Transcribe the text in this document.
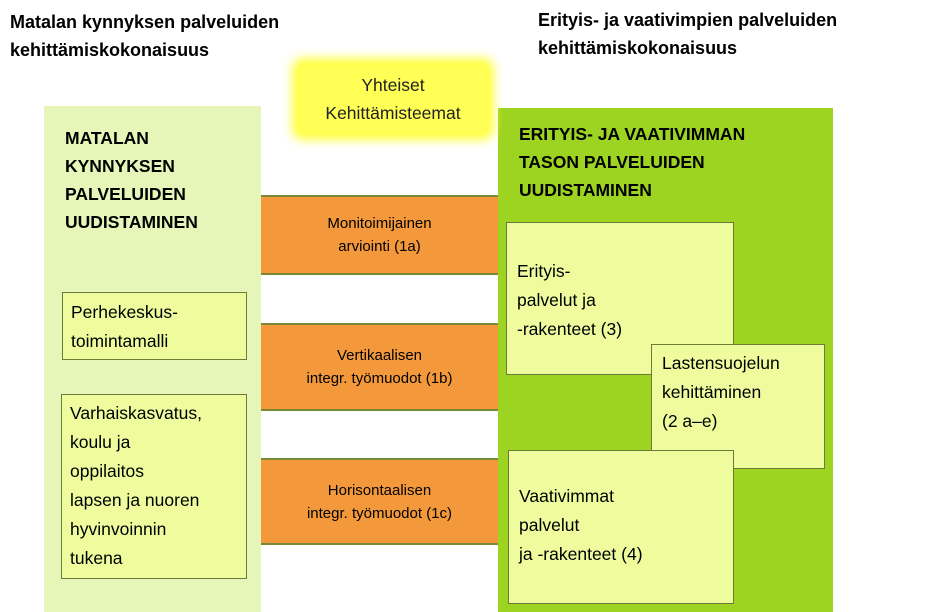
Matalan kynnyksen palveluiden
kehittämiskokonaisuus
Erityis- ja vaativimpien palveluiden
kehittämiskokonaisuus
Yhteiset
Kehittämisteemat
MATALAN
KYNNYKSEN
PALVELUIDEN
UUDISTAMINEN
Perhekeskus-
toimintamalli
Varhaiskasvatus,
koulu ja
oppilaitos
lapsen ja nuoren
hyvinvoinnin
tukena
Monitoimijainen
arviointi (1a)
Vertikaalisen
integr. työmuodot (1b)
Horisontaalisen
integr. työmuodot (1c)
ERITYIS- JA VAATIVIMMAN
TASON PALVELUIDEN
UUDISTAMINEN
Erityis-
palvelut ja
-rakenteet (3)
Lastensuojelun
kehittäminen
(2 a–e)
Vaativimmat
palvelut
ja -rakenteet (4)
